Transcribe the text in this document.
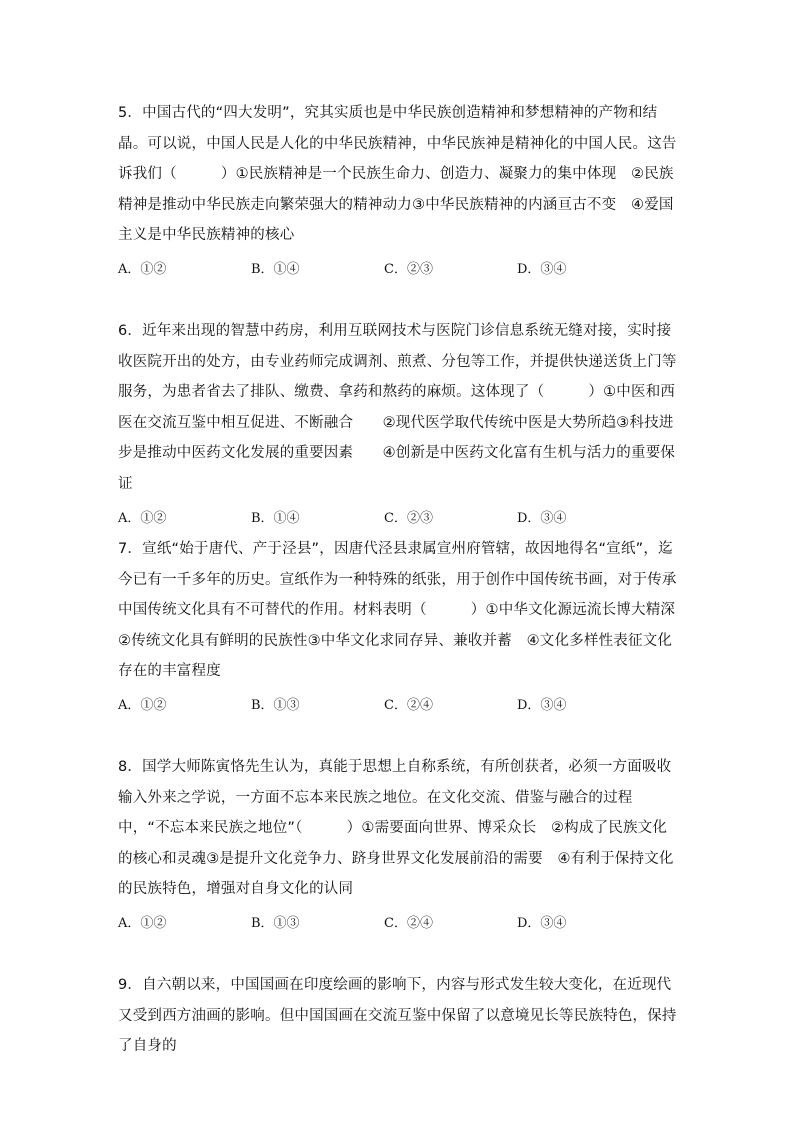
5．中国古代的“四大发明”，究其实质也是中华民族创造精神和梦想精神的产物和结晶。可以说，中国人民是人化的中华民族精神，中华民族神是精神化的中国人民。这告诉我们（　　　）①民族精神是一个民族生命力、创造力、凝聚力的集中体现　②民族精神是推动中华民族走向繁荣强大的精神动力③中华民族精神的内涵亘古不变　④爱国主义是中华民族精神的核心

A．①②	B．①④	C．②③	D．③④

6．近年来出现的智慧中药房，利用互联网技术与医院门诊信息系统无缝对接，实时接收医院开出的处方，由专业药师完成调剂、煎煮、分包等工作，并提供快递送货上门等服务，为患者省去了排队、缴费、拿药和熬药的麻烦。这体现了（　　　）①中医和西医在交流互鉴中相互促进、不断融合　　②现代医学取代传统中医是大势所趋③科技进步是推动中医药文化发展的重要因素　　④创新是中医药文化富有生机与活力的重要保证

A．①②	B．①④	C．②③	D．③④

7．宣纸“始于唐代、产于泾县”，因唐代泾县隶属宣州府管辖，故因地得名“宣纸”，迄今已有一千多年的历史。宣纸作为一种特殊的纸张，用于创作中国传统书画，对于传承中国传统文化具有不可替代的作用。材料表明（　　　）①中华文化源远流长博大精深　②传统文化具有鲜明的民族性③中华文化求同存异、兼收并蓄　④文化多样性表征文化存在的丰富程度

A．①②	B．①③	C．②④	D．③④

8．国学大师陈寅恪先生认为，真能于思想上自称系统，有所创获者，必须一方面吸收输入外来之学说，一方面不忘本来民族之地位。在文化交流、借鉴与融合的过程中，“不忘本来民族之地位”（　　　）①需要面向世界、博采众长　②构成了民族文化的核心和灵魂③是提升文化竞争力、跻身世界文化发展前沿的需要　④有利于保持文化的民族特色，增强对自身文化的认同

A．①②	B．①③	C．②④	D．③④

9．自六朝以来，中国国画在印度绘画的影响下，内容与形式发生较大变化，在近现代又受到西方油画的影响。但中国国画在交流互鉴中保留了以意境见长等民族特色，保持了自身的
